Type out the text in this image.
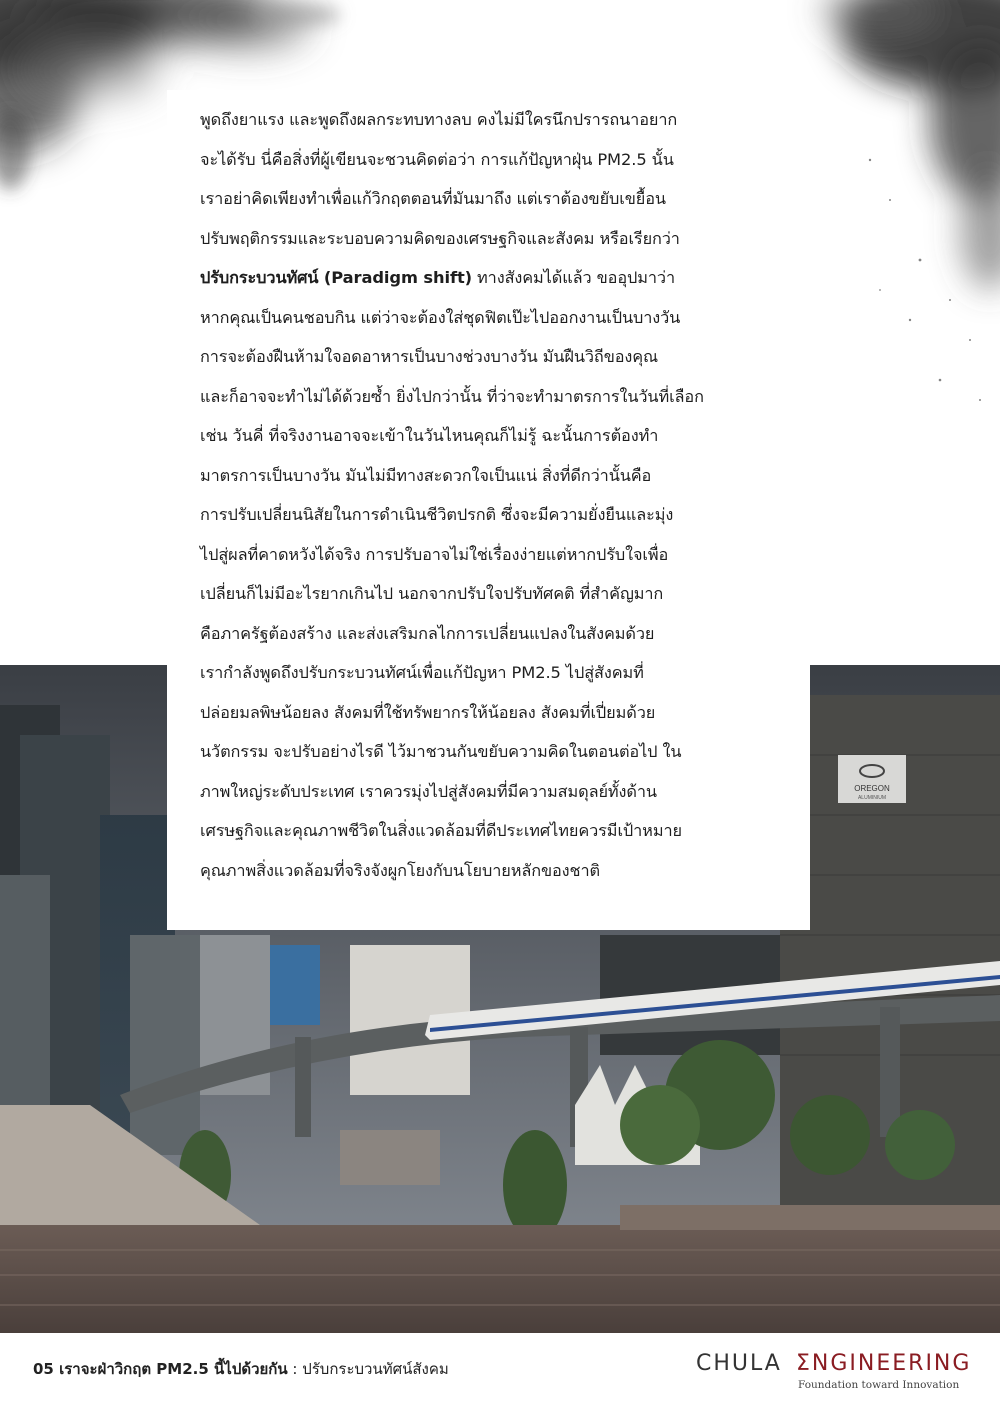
OREGON
ALUMINIUM
พูดถึงยาแรง และพูดถึงผลกระทบทางลบ คงไม่มีใครนึกปรารถนาอยาก
จะได้รับ นี่คือสิ่งที่ผู้เขียนจะชวนคิดต่อว่า การแก้ปัญหาฝุ่น PM2.5 นั้น
เราอย่าคิดเพียงทำเพื่อแก้วิกฤตตอนที่มันมาถึง แต่เราต้องขยับเขยื้อน
ปรับพฤติกรรมและระบอบความคิดของเศรษฐกิจและสังคม หรือเรียกว่า
ปรับกระบวนทัศน์ (Paradigm shift) ทางสังคมได้แล้ว ขออุปมาว่า
หากคุณเป็นคนชอบกิน แต่ว่าจะต้องใส่ชุดฟิตเป๊ะไปออกงานเป็นบางวัน
การจะต้องฝืนห้ามใจอดอาหารเป็นบางช่วงบางวัน มันฝืนวิถีของคุณ
และก็อาจจะทำไม่ได้ด้วยซ้ำ ยิ่งไปกว่านั้น ที่ว่าจะทำมาตรการในวันที่เลือก
เช่น วันคี่ ที่จริงงานอาจจะเข้าในวันไหนคุณก็ไม่รู้ ฉะนั้นการต้องทำ
มาตรการเป็นบางวัน มันไม่มีทางสะดวกใจเป็นแน่ สิ่งที่ดีกว่านั้นคือ
การปรับเปลี่ยนนิสัยในการดำเนินชีวิตปรกติ ซึ่งจะมีความยั่งยืนและมุ่ง
ไปสู่ผลที่คาดหวังได้จริง การปรับอาจไม่ใช่เรื่องง่ายแต่หากปรับใจเพื่อ
เปลี่ยนก็ไม่มีอะไรยากเกินไป นอกจากปรับใจปรับทัศคติ ที่สำคัญมาก
คือภาครัฐต้องสร้าง และส่งเสริมกลไกการเปลี่ยนแปลงในสังคมด้วย
เรากำลังพูดถึงปรับกระบวนทัศน์เพื่อแก้ปัญหา PM2.5 ไปสู่สังคมที่
ปล่อยมลพิษน้อยลง สังคมที่ใช้ทรัพยากรให้น้อยลง สังคมที่เปี่ยมด้วย
นวัตกรรม จะปรับอย่างไรดี ไว้มาชวนกันขยับความคิดในตอนต่อไป ใน
ภาพใหญ่ระดับประเทศ เราควรมุ่งไปสู่สังคมที่มีความสมดุลย์ทั้งด้าน
เศรษฐกิจและคุณภาพชีวิตในสิ่งแวดล้อมที่ดีประเทศไทยควรมีเป้าหมาย
คุณภาพสิ่งแวดล้อมที่จริงจังผูกโยงกับนโยบายหลักของชาติ
05 เราจะฝ่าวิกฤต PM2.5 นี้ไปด้วยกัน : ปรับกระบวนทัศน์สังคม	CHULA ΣNGINEERING
Foundation toward Innovation
